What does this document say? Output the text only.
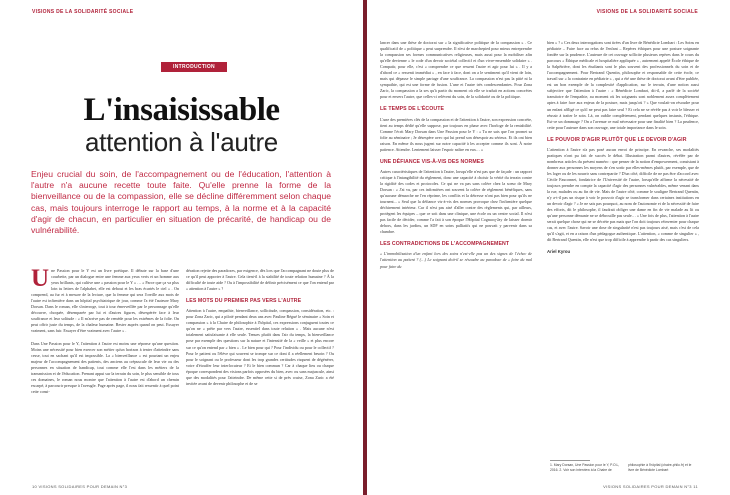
VISIONS DE LA SOLIDARITÉ SOCIALE
INTRODUCTION
L'insaisissable
attention à l'autre
Enjeu crucial du soin, de l'accompagnement ou de l'éducation, l'attention à l'autre n'a aucune recette toute faite. Qu'elle prenne la forme de la bienveillance ou de la compassion, elle se décline différemment selon chaque cas, mais toujours interroge le rapport au temps, à la norme et à la capacité d'agir de chacun, en particulier en situation de précarité, de handicap ou de vulnérabilité.

Une Passion pour le Y est un livre poétique. Il débute sur la base d'une courbette, par un dialogue entre une femme aux yeux verts et un homme aux yeux brillants, qui cultive une « passion pour le Y » … « Parce que ça va plus loin tu lettres de l'alphabet, elle est debout et les bras écartés le ciel » . On comprend, au fur et à mesure de la lecture, que la femme qui sera l'oreille aux mots de l'autre est infirmière dans un hôpital psychiatrique de jour, comme l'a été l'auteure Mary Dorsan. Dans le roman, elle s'interroge, tout à tour émerveillée par le personnage qu'elle découvre, choquée, désemparée par lui et d'autres figures, désespérée face à leur souffrance et leur solitude : « Il m'arrive pas de reméde pour les extrêmes de la folie. On peut offrir juste du temps, de la chaleur humaine. Rester auprès quand on peut. Essuyer vraiment, sans fuir. Essayer d'être vraiment avec l'autre » .

Dans Une Passion pour le Y, l'attention à l'autre est moins une réponse qu'une question. Moins une nécessité pour bien exercer son métier qu'un horizon à tenter d'atteindre sans cesse, tout en sachant qu'il est impossible. La « bienveillance » est pourtant un enjeu majeur de l'accompagnement des patients, des anciens au crépuscule de leur vie ou des personnes en situation de handicap, tout comme elle l'est dans les métiers de la transmission et de l'éducation. Prenant appui sur la terrain du soin, le plus sensible de tous ces domaines, le roman nous montre que l'attention à l'autre est d'abord un chemin escarpé, à parcourir presque à l'aveugle. Page après page, il nous fait ressentir à quel point cette consi-

dération rejette des paradoxes, par exigence, dès lors que l'accompagnant ne doute plus de ce qu'il peut apporter à l'autre. Cela tient-il à la stabilité de toute relation humaine ? À la difficulté de toute aide ? Ou à l'impossibilité de définir précisément ce que l'on entend par « attention à l'autre » ?

LES MOTS DU PREMIER PAS VERS L'AUTRE

Attention à l'autre, empathie, bienveillance, sollicitude, compassion, considération, etc. : pour Zona Zaric, qui a piloté pendant deux ans avec Pauline Bégué le séminaire « Soin et compassion » à la Chaire de philosophie à l'hôpital, ces expressions conjuguent toutes ce qu'on ne « prête par vers l'autre, essentiel dans toute relation » . Mais aucune n'est totalement satisfaisante à elle seule. Tenues plutôt dans l'air du temps, la bienveillance pose par exemple des questions sur la nature et l'intensité de la « veille » et plus encore sur ce qu'on entend par « bien » . Le bien pour qui ? Pour l'individu ou pour le collectif ? Pour le patient ou l'élève qui souvent se trompe sur ce dont il a réellement besoin ? Ou pour le soignant ou le professeur dont les trop grandes certitudes risquent de dégénérer, voire d'étouffer leur interlocuteur ? Et le bien commun ? Car à chaque lieu ou chaque époque correspondent des visions parfois opposées du bien, avec ou sans majuscule, ainsi que des modalités pour l'atteindre. De même cette si de près cruise, Zona Zaric a été invitée avant de devenir philosophe et de se

10 VISIONS SOLIDAIRES POUR DEMAIN N°3
VISIONS DE LA SOLIDARITÉ SOCIALE

lancer dans une thèse de doctorat sur « la significative politique de la compassion » . Ce qualificatif de « politique » peut surprendre. Il n'est de marchepied pour mieux entreprendre la compassion ses formes communicatives religieuses, mais aussi pour la mobiliser afin qu'elle devienne « le code d'un devoir sociétal collectif et d'un vivre-ensemble solidaire » . Compatir, pour elle, c'est « comprendre ce que ressent l'autre et agir pour lui » . Il y a d'abord ce « ressenti immédiat » , en face à face, dont on a le sentiment qu'il vient de loin, mais qui dépasse le simple partage d'une souffrance. La compassion n'est pas la pitié ni la sympathie, qui est une forme de fusion. L'une et l'autre très condescendantes. Pour Zona Zaric, la compassion a la ses qu'à partir du moment où elle se traduit en actions concrètes pour et envers l'autre, que celles-ci relèvent du soin, de la solidarité ou de la politique.

LE TEMPS DE L'ÉCOUTE

L'une des premières clés de la compassion et de l'attention à l'autre, son expression concrète, tient au temps dédié qu'elle suppose, par toujours en phase avec l'horloge de la rentabilité. Comme l'écrit Mary Dorsan dans Une Passion pour le Y : « Tu ne sais que l'on promet sa folie au séminaire ; Je désespère avec qui lui prend son désespoir au sérieux. Et ils ont bien raison. En même ils nous jugent sur notre capacité à les accepter comme ils sont. À notre patience. Attendre. Lentement laisser l'espoir naître en eux… »

UNE DÉFIANCE VIS-À-VIS DES NORMES

Autres caractéristiques de l'attention à l'autre, lorsqu'elle n'est pas que de façade : un rapport critique à l'intangibilité du règlement, donc une capacité à choisir la vérité du terrain contre la rigidité des codes et protocoles. Ce qui ne va pas sans colère chez la soeur de Mary Dorsan : « J'ai vu, par ces infirmières ont souvent la colère de règlement bénéfiques, sans qu'aucune démarche ne l'en réprime, les conflits et la détresse n'ont pas bien pour qu'ils ne tournent... » Seul que la défiance vis-à-vis des normes provoque chez l'infirmière quelque déchirement intérieur. Car il n'est pas aisé d'aller contre des règlements qui, par ailleurs, protègent les équipes – que ce soit dans une clinique, une école ou un centre social. Il n'est pas facile de décider, comme l'a fait à son époque l'Hôpital Cognacq-Jay de laisser dormir dehors, dans les jardins, un SDF en soins palliatifs qui ne pouvait y parvenir dans sa chambre.

LES CONTRADICTIONS DE L'ACCOMPAGNEMENT

« L'immobilisation d'un enfant lors des soins n'est-elle pas un des signes de l'échec de l'attention au patient ? (…) Le soignant doit-il se résoudre au paradoxe de « faire du mal pour faire du

bien » ? » Ces deux interrogations sont tirées d'un livre de Bénédicte Lombart : Les Soins en pédiatrie – Faire face au refus de l'enfant – Repères éthiques pour une posture soignante fondée sur la prudence. L'auteure de cet ouvrage sollicite plusieurs repères dans le cours du parcours « Éthique médicale et hospitalière appliquée » , autrement appelé École éthique de la Salpêtrière, dont les étudiants sont le plus souvent des professionnels du soin et de l'accompagnement. Pour Bertrand Quentin, philosophe et responsable de cette école, ce travail sur « la contrainte en pédiatrie » , qui a été une thèse de doctorat avant d'être publiée, est un bon exemple de la complexité d'application, sur le terrain, d'une notion aussi subjective que l'attention à l'autre : « Bénédicte Lombart, dit-il, a parlé de la société transitoire de l'empathie, au moment où les soignants sont noblement assez complètement aptes à faire face aux enjeux de la posture, mais jusqu'où ? » Que voulait-on résoudre pour un enfant affligé ce qu'il ne peut pas faire seul ? Et cela ne se révèle pas à voir le blesser et réussir à traiter le soin. Là, on oublie complètement, pendant quelques instants, l'éthique. Est-ce un dommage ? On a l'avenue ce mal nécessaire pour une finalité bien ? La prudence, cette pour l'auteure dans son ouvrage, une totale importance dans le soin.

LE POUVOIR D'AGIR PLUTÔT QUE LE DEVOIR D'AGIR

L'attention à l'autre n'a pas posé aucun envoi de principe. En revanche, ses modalités pratiques n'ont pu fait de succès le débat. Illustration parmi d'autres, révélée par de nombreux articles du présent numéro : que penser de la notion d'empowerment, consistant à donner aux personnes les moyens de s'en sortir par elles-mêmes plutôt, par exemple, que de les loger ou de les nourrir sans contrepartie ? D'un côté, difficile de ne pas être d'accord avec Cécile Fauconnet, fondatrice de l'Université de l'autre, lorsqu'elle affirme la nécessité de toujours prendre en compte la capacité d'agir des personnes vulnérables, même venant dans la rue, malades ou au fin de vie. Mais de l'autre côté, comme le souligne Bertrand Quentin, n'y a-t-il pas un risque à voir le pouvoir d'agir se transformer dans certaines institutions en un devoir d'agir ? « Je ne sais pas pourquoi, au nom de l'autonomie et de la nécessité de faire des efforts, dit le philosophe, il faudrait obliger une dame en fin de vie malade au lit ou qu'une personne démunie ne se débrouille pas seule… » Une fois de plus, l'attention à l'autre serait quelque chose qui ne se décrète pas mais que l'on doit toujours réinventer pour chaque cas, et avec l'autre. Savoir une dose de singularité n'est pas toujours aisé, mais c'est de cela qu'il s'agit, et en a raison d'un pédagogue authentique. L'attention, « comme de singulier » , dit Bertrand Quentin, elle n'est que trop difficile à apprendre à partir des cas singuliers.

Ariel Kyrou
VISIONS SOLIDAIRES POUR DEMAIN N°3 11
1. Mary Dorsan, Une Passion pour le Y, P.O.L, 2016. 2. Voir son interview à la Chaire de
philosophie à l'hôpital (chaire-philo.fr) et le livre de Bénédicte Lombart
